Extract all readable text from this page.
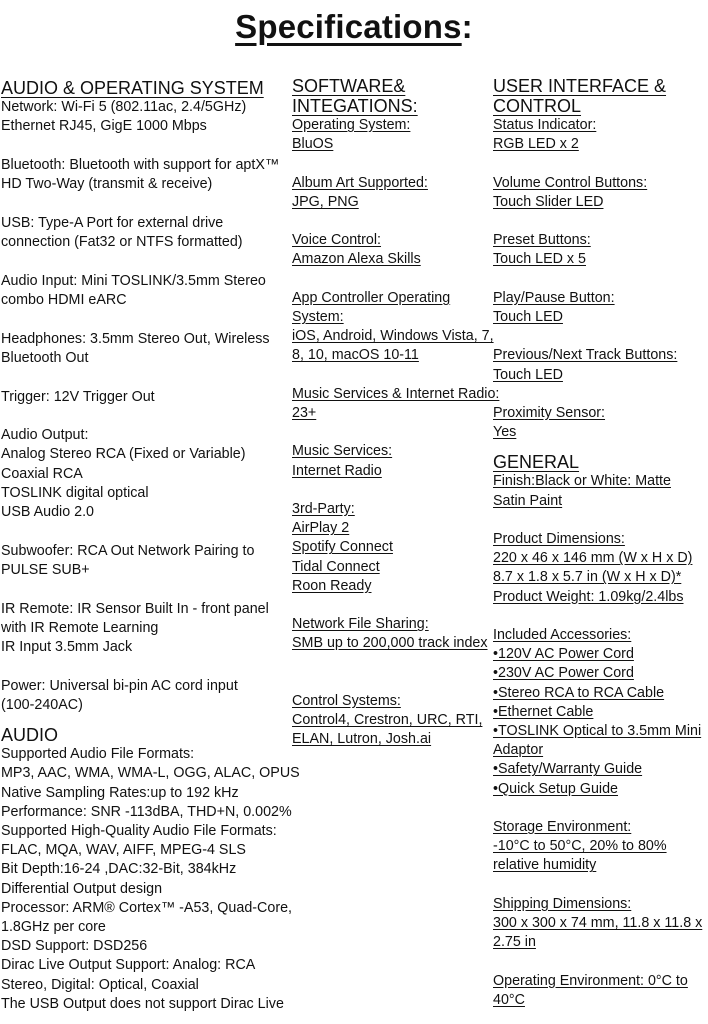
Specifications:
AUDIO & OPERATING SYSTEM
Network: Wi-Fi 5 (802.11ac, 2.4/5GHz)
Ethernet RJ45, GigE 1000 Mbps
Bluetooth: Bluetooth with support for aptX™
HD Two-Way (transmit & receive)
USB: Type-A Port for external drive
connection (Fat32 or NTFS formatted)
Audio Input: Mini TOSLINK/3.5mm Stereo
combo HDMI eARC
Headphones: 3.5mm Stereo Out, Wireless
Bluetooth Out
Trigger: 12V Trigger Out
Audio Output:
Analog Stereo RCA (Fixed or Variable)
Coaxial RCA
TOSLINK digital optical
USB Audio 2.0
Subwoofer: RCA Out Network Pairing to
PULSE SUB+
IR Remote: IR Sensor Built In - front panel
with IR Remote Learning
IR Input 3.5mm Jack
Power: Universal bi-pin AC cord input
(100-240AC)
AUDIO
Supported Audio File Formats:
MP3, AAC, WMA, WMA-L, OGG, ALAC, OPUS
Native Sampling Rates:up to 192 kHz
Performance: SNR -113dBA, THD+N, 0.002%
Supported High-Quality Audio File Formats:
FLAC, MQA, WAV, AIFF, MPEG-4 SLS
Bit Depth:16-24 ,DAC:32-Bit, 384kHz
Differential Output design
Processor: ARM® Cortex™ -A53, Quad-Core,
1.8GHz per core
DSD Support: DSD256
Dirac Live Output Support: Analog: RCA
Stereo, Digital: Optical, Coaxial
The USB Output does not support Dirac Live
SOFTWARE&
INTEGATIONS:
Operating System:
BluOS
Album Art Supported:
JPG, PNG
Voice Control:
Amazon Alexa Skills
App Controller Operating
System:
iOS, Android, Windows Vista, 7,
8, 10, macOS 10-11
Music Services & Internet Radio:
23+
Music Services:
Internet Radio
3rd-Party:
AirPlay 2
Spotify Connect
Tidal Connect
Roon Ready
Network File Sharing:
SMB up to 200,000 track index
Control Systems:
Control4, Crestron, URC, RTI,
ELAN, Lutron, Josh.ai
USER INTERFACE &
CONTROL
Status Indicator:
RGB LED x 2
Volume Control Buttons:
Touch Slider LED
Preset Buttons:
Touch LED x 5
Play/Pause Button:
Touch LED
Previous/Next Track Buttons:
Touch LED
Proximity Sensor:
Yes
GENERAL
Finish:Black or White: Matte
Satin Paint
Product Dimensions:
220 x 46 x 146 mm (W x H x D)
8.7 x 1.8 x 5.7 in (W x H x D)*
Product Weight: 1.09kg/2.4lbs
Included Accessories:
•120V AC Power Cord
•230V AC Power Cord
•Stereo RCA to RCA Cable
•Ethernet Cable
•TOSLINK Optical to 3.5mm Mini
Adaptor
•Safety/Warranty Guide
•Quick Setup Guide
Storage Environment:
-10°C to 50°C, 20% to 80%
relative humidity
Shipping Dimensions:
300 x 300 x 74 mm, 11.8 x 11.8 x
2.75 in
Operating Environment: 0°C to
40°C
